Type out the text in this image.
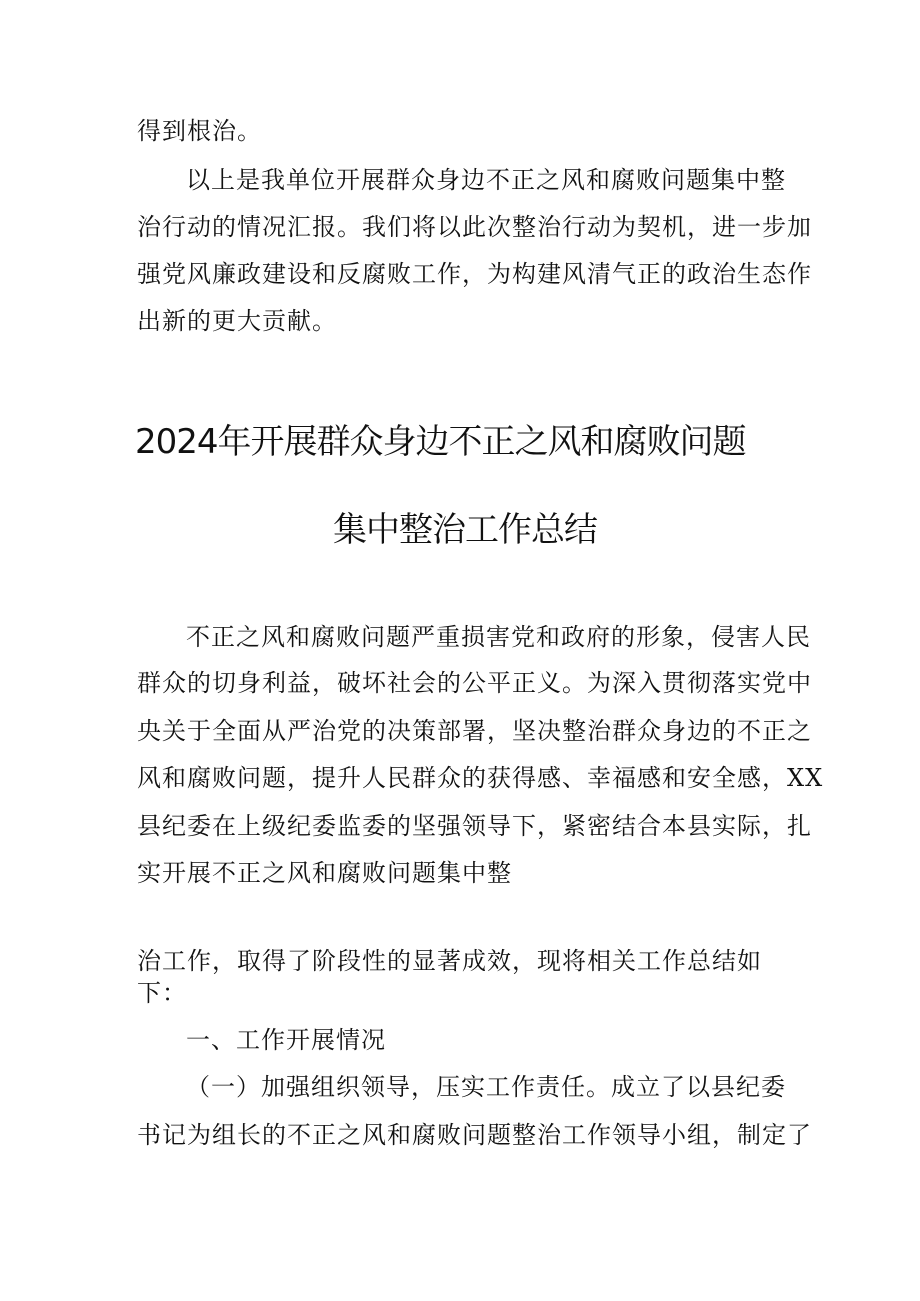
得到根治。
以上是我单位开展群众身边不正之风和腐败问题集中整
治行动的情况汇报。我们将以此次整治行动为契机，进一步加
强党风廉政建设和反腐败工作，为构建风清气正的政治生态作
出新的更大贡献。
2024年开展群众身边不正之风和腐败问题
集中整治工作总结
不正之风和腐败问题严重损害党和政府的形象，侵害人民
群众的切身利益，破坏社会的公平正义。为深入贯彻落实党中
央关于全面从严治党的决策部署，坚决整治群众身边的不正之
风和腐败问题，提升人民群众的获得感、幸福感和安全感，XX
县纪委在上级纪委监委的坚强领导下，紧密结合本县实际，扎
实开展不正之风和腐败问题集中整
治工作，取得了阶段性的显著成效，现将相关工作总结如
下：
一、工作开展情况
（一）加强组织领导，压实工作责任。成立了以县纪委
书记为组长的不正之风和腐败问题整治工作领导小组，制定了
